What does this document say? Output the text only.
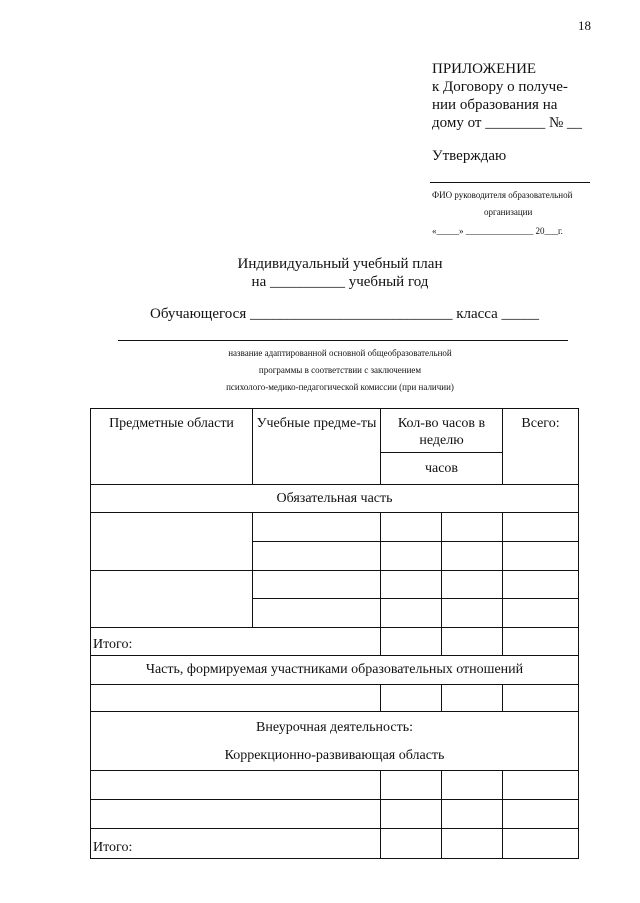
18
ПРИЛОЖЕНИЕ
к Договору о получе-
нии образования на
дому от ________ № __
Утверждаю
ФИО руководителя образовательной
организации
«_____» _______________ 20___г.
Индивидуальный учебный план
на __________ учебный год
Обучающегося ___________________________ класса _____
название адаптированной основной общеобразовательной
программы в соответствии с заключением
психолого-медико-педагогической комиссии (при наличии)
Предметные области	Учебные предме-ты	Кол-во часов в неделю		Всего:
		часов		
Обязательная часть				

Итого:				
Часть, формируемая участниками образовательных отношений				

Внеурочная деятельность:
Коррекционно-развивающая область				

Итого:				
